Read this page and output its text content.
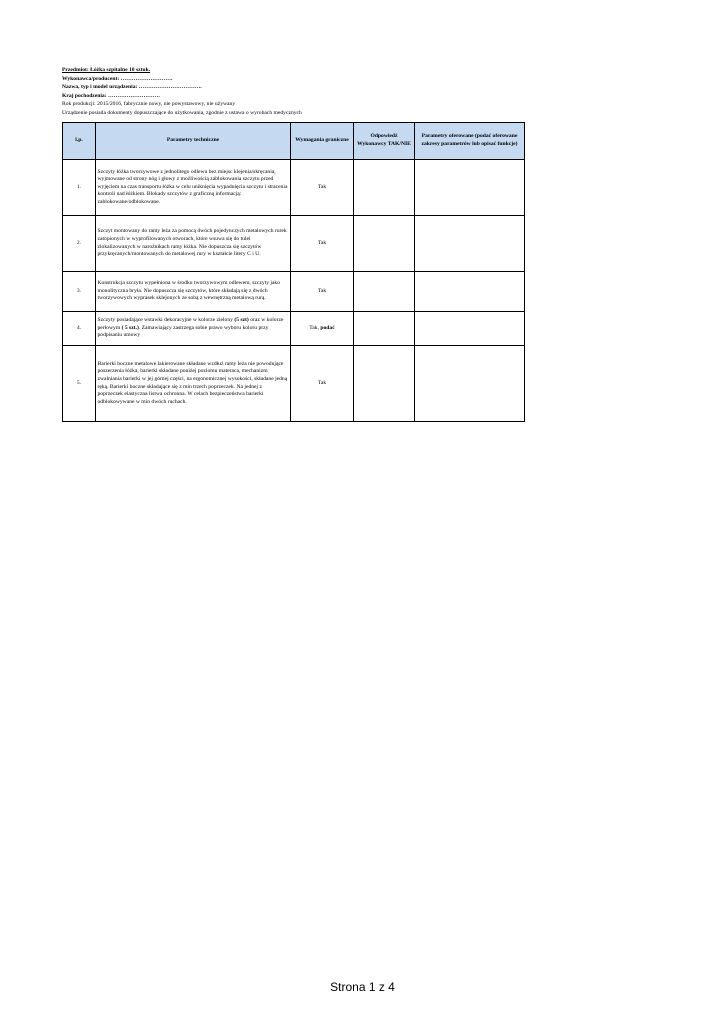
Przedmiot: Łóżka szpitalne 10 sztuk.
Wykonawca/producent: ……………………….
Nazwa, typ i model urządzenia: …………………………….
Kraj pochodzenia: ……………………….
Rok produkcji: 2015/2016, fabrycznie nowy, nie powystawowy, nie używany
Urządzenie posiada dokumenty dopuszczające do użytkowania, zgodnie z ustawa o wyrobach medycznych
l.p.	Parametry techniczne	Wymagania graniczne	Odpowiedź Wykonawcy TAK/NIE	Parametry oferowane (podać oferowane zakresy parametrów lub opisać funkcje)
1.	Szczyty łóżka tworzywowe z jednolitego odlewu bez miejsc klejenia/skręcania, wyjmowane od strony nóg i głowy z możliwością zablokowania szczytu przed wyjęciem na czas transportu łóżka w celu uniknięcia wypadnięcia szczytu i stracenia kontroli nad łóżkiem. Blokady szczytów z graficzną informacją: zablokowane/odblokowane.	Tak		
2.	Szczyt montowany do ramy leża za pomocą dwóch pojedynczych metalowych rurek zatopionych w wyprofilowanych otworach, które wsuwa się do tulei zlokalizowanych w narożnikach ramy łóżka. Nie dopuszcza się szczytów przykręcanych/montowanych do metalowej rury w kształcie litery C i U.	Tak		
3.	Konstrukcja szczytu wypełniona w środku tworzywowym odlewem, szczyty jako monolityczna bryła. Nie dopuszcza się szczytów, które składają się z dwóch tworzywowych wyprasek sklejonych ze sobą z wewnętrzną metalową rurą.	Tak		
4.	Szczyty posiadające wstawki dekoracyjne w kolorze zielony (5 szt) oraz w kolorze perłowym ( 5 szt.). Zamawiający zastrzega sobie prawo wyboru koloru przy podpisaniu umowy	Tak, podać		
5.	Barierki boczne metalowe lakierowane składane wzdłuż ramy leża nie powodujące poszerzenia łóżka, barierki składane poniżej poziomu materaca, mechanizm zwalniania barierki w jej górnej części, na ergonomicznej wysokości, składane jedną ręką. Barierki boczne składające się z min trzech poprzeczek. Na jednej z poprzeczek elastyczna listwa ochronna. W celach bezpieczeństwa barierki odblokowywane w min dwóch ruchach.	Tak		
Strona 1 z 4
